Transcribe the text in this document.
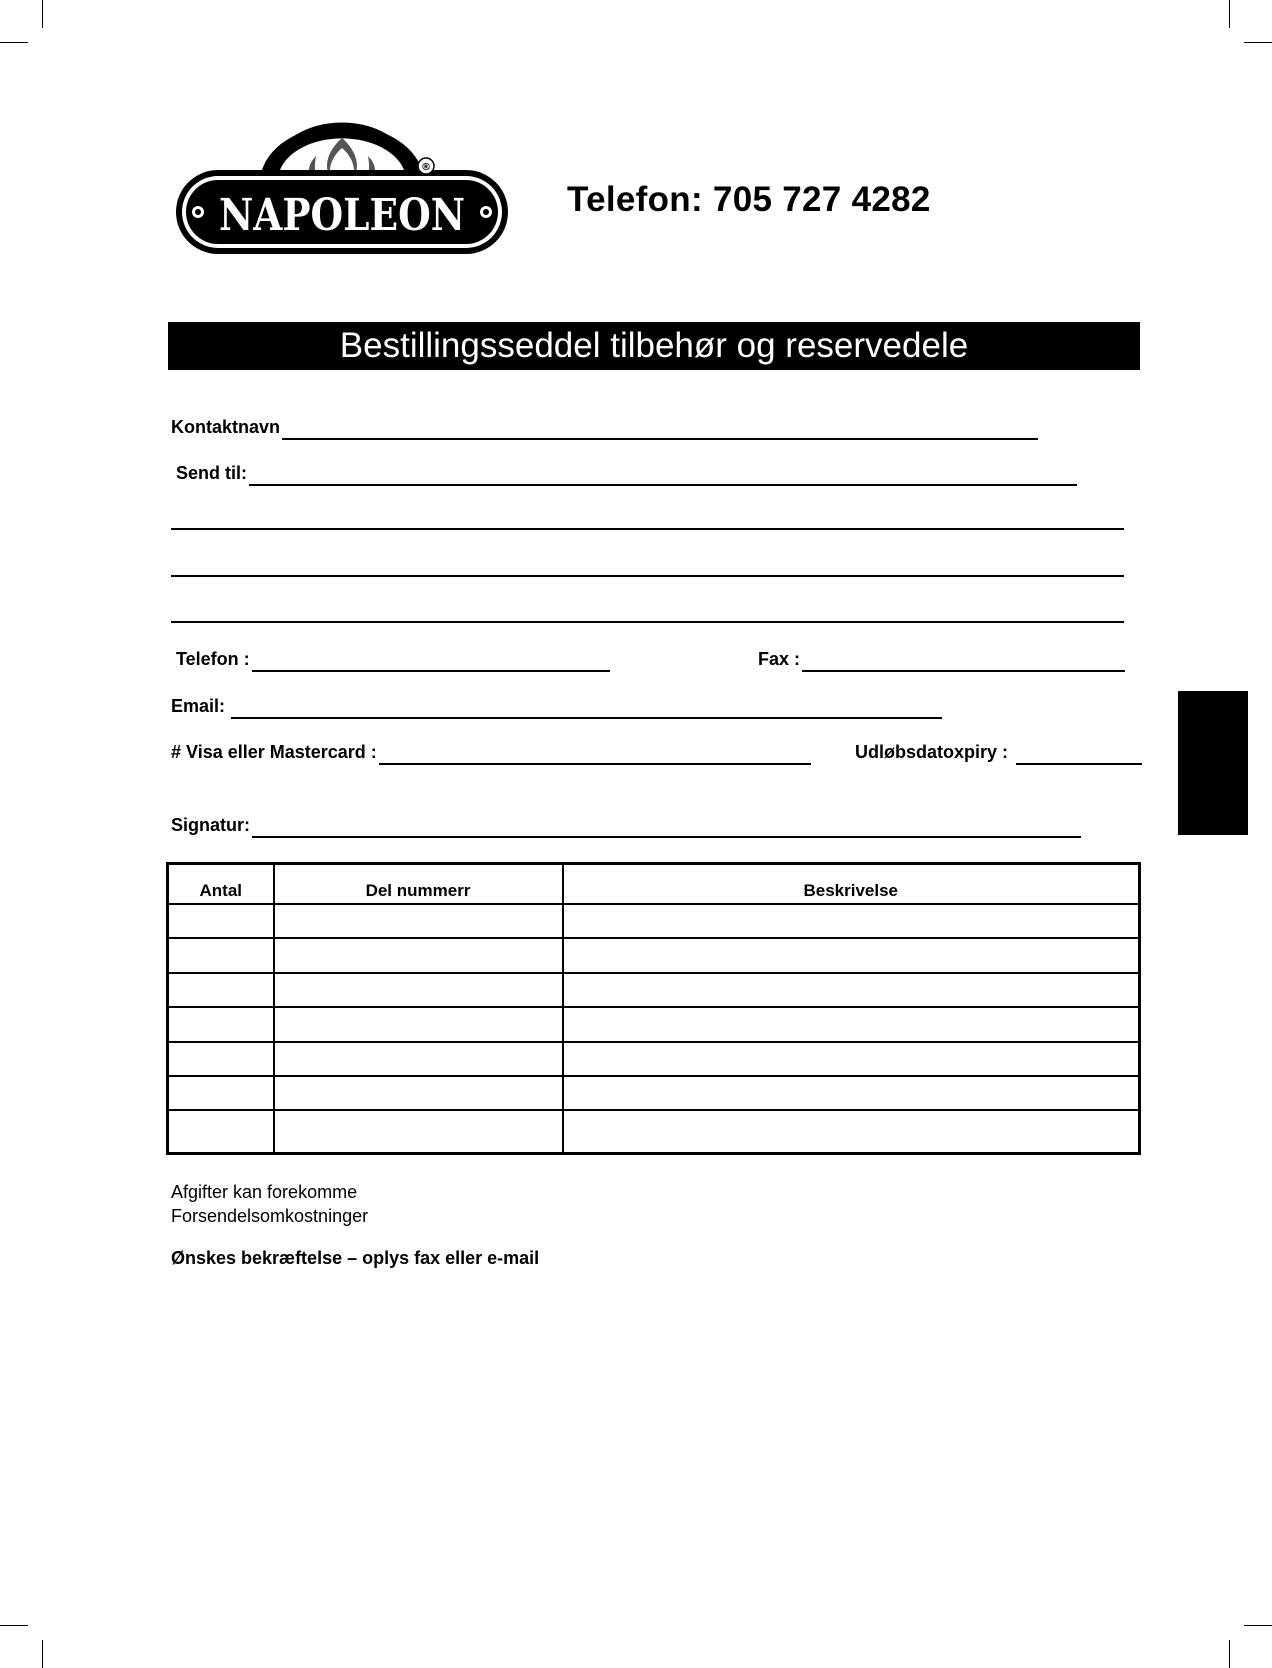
NAPOLEON
®
Telefon: 705 727 4282
Bestillingsseddel tilbehør og reservedele
Kontaktnavn
Send til:
Telefon :	Fax :
Email:
# Visa eller Mastercard :	Udløbsdatoxpiry :
Signatur:
Antal	Del nummerr	Beskrivelse

Afgifter kan forekomme
Forsendelsomkostninger
Ønskes bekræftelse – oplys fax eller e-mail
